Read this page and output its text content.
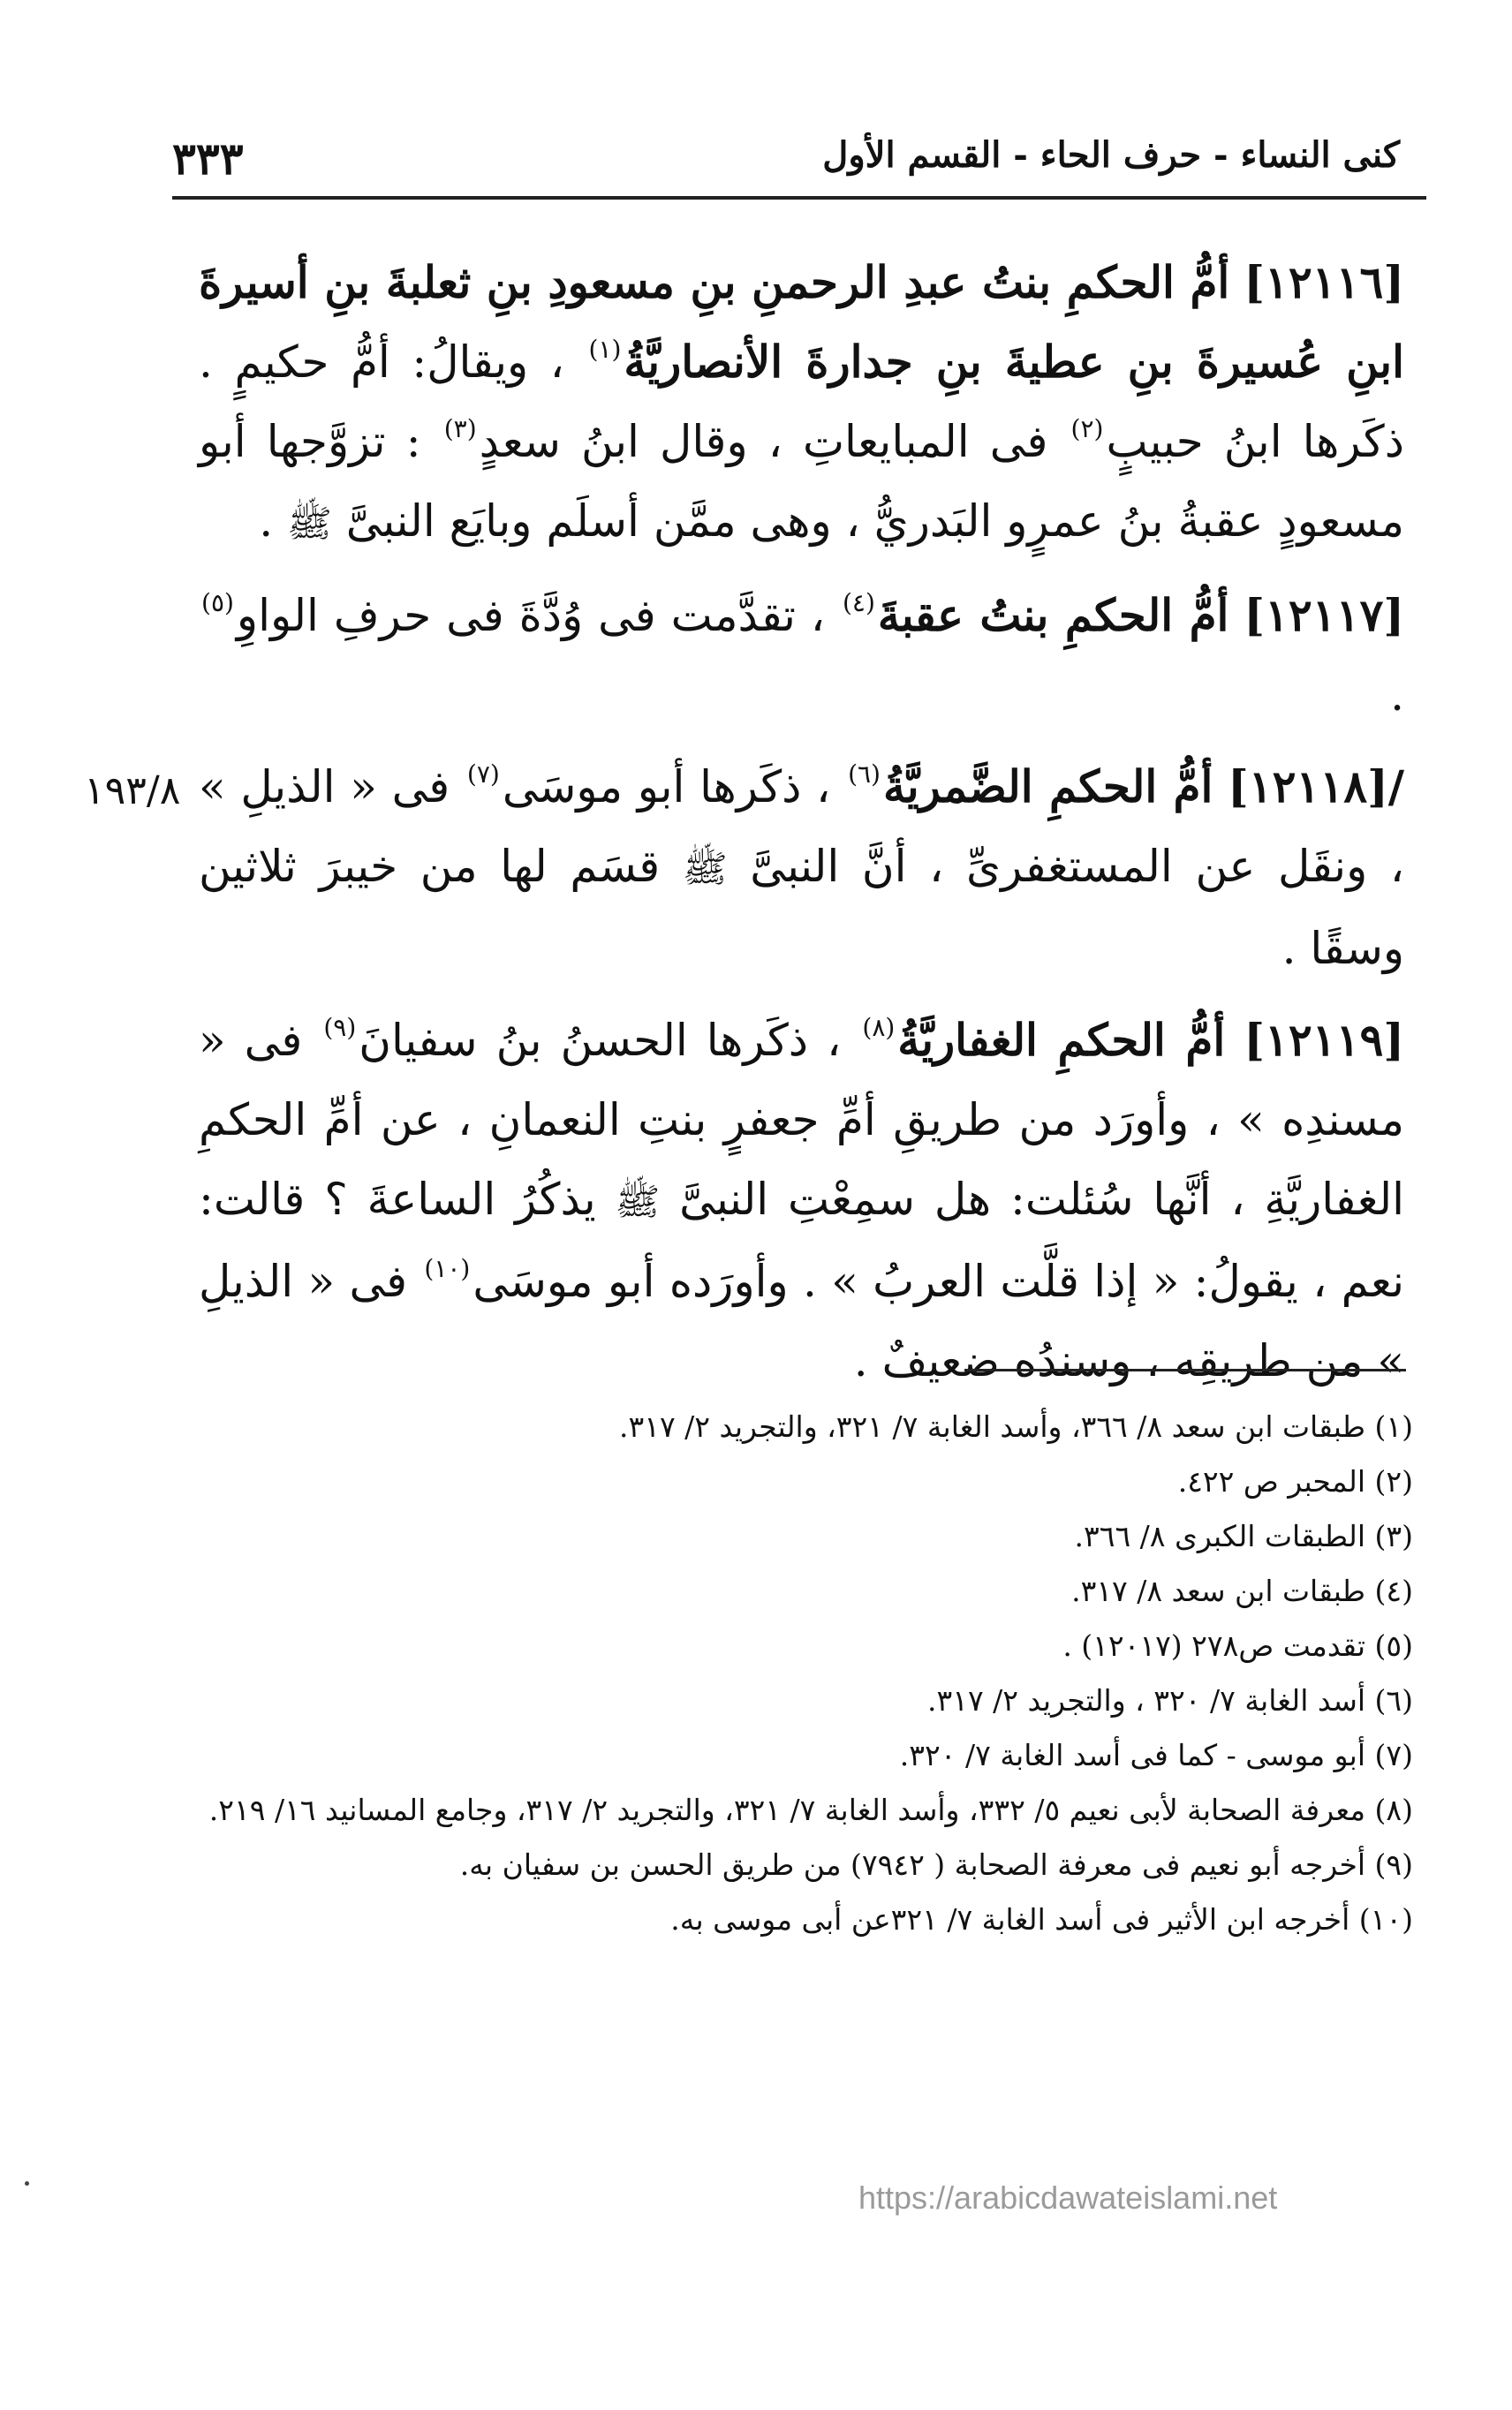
٣٣٣	كنى النساء - حرف الحاء - القسم الأول
١٩٣/٨

[١٢١١٦] أمُّ الحكمِ بنتُ عبدِ الرحمنِ بنِ مسعودِ بنِ ثعلبةَ بنِ أسيرةَ ابنِ عُسيرةَ بنِ عطيةَ بنِ جدارةَ الأنصاريَّةُ$^{(١)}$ ، ويقالُ: أمُّ حكيمٍ . ذكَرها ابنُ حبيبٍ$^{(٢)}$ فى المبايعاتِ ، وقال ابنُ سعدٍ$^{(٣)}$ : تزوَّجها أبو مسعودٍ عقبةُ بنُ عمرٍو البَدريُّ ، وهى ممَّن أسلَم وبايَع النبىَّ ﷺ .

[١٢١١٧] أمُّ الحكمِ بنتُ عقبةَ$^{(٤)}$ ، تقدَّمت فى وُدَّةَ فى حرفِ الواوِ$^{(٥)}$ .

/[١٢١١٨] أمُّ الحكمِ الضَّمريَّةُ$^{(٦)}$ ، ذكَرها أبو موسَى$^{(٧)}$ فى « الذيلِ » ، ونقَل عن المستغفرىِّ ، أنَّ النبىَّ ﷺ قسَم لها من خيبرَ ثلاثين وسقًا .

[١٢١١٩] أمُّ الحكمِ الغفاريَّةُ$^{(٨)}$ ، ذكَرها الحسنُ بنُ سفيانَ$^{(٩)}$ فى « مسندِه » ، وأورَد من طريقِ أمِّ جعفرٍ بنتِ النعمانِ ، عن أمِّ الحكمِ الغفاريَّةِ ، أنَّها سُئلت: هل سمِعْتِ النبىَّ ﷺ يذكُرُ الساعةَ ؟ قالت: نعم ، يقولُ: « إذا قلَّت العربُ » . وأورَده أبو موسَى$^{(١٠)}$ فى « الذيلِ » من طريقِه ، وسندُه ضعيفٌ .

(١) طبقات ابن سعد ٨/ ٣٦٦، وأسد الغابة ٧/ ٣٢١، والتجريد ٢/ ٣١٧.

(٢) المحبر ص ٤٢٢.

(٣) الطبقات الكبرى ٨/ ٣٦٦.

(٤) طبقات ابن سعد ٨/ ٣١٧.

(٥) تقدمت ص٢٧٨ (١٢٠١٧) .

(٦) أسد الغابة ٧/ ٣٢٠ ، والتجريد ٢/ ٣١٧.

(٧) أبو موسى - كما فى أسد الغابة ٧/ ٣٢٠.

(٨) معرفة الصحابة لأبى نعيم ٥/ ٣٣٢، وأسد الغابة ٧/ ٣٢١، والتجريد ٢/ ٣١٧، وجامع المسانيد ١٦/ ٢١٩.

(٩) أخرجه أبو نعيم فى معرفة الصحابة ( ٧٩٤٢) من طريق الحسن بن سفيان به.

(١٠) أخرجه ابن الأثير فى أسد الغابة ٧/ ٣٢١عن أبى موسى به.

https://arabicdawateislami.net
